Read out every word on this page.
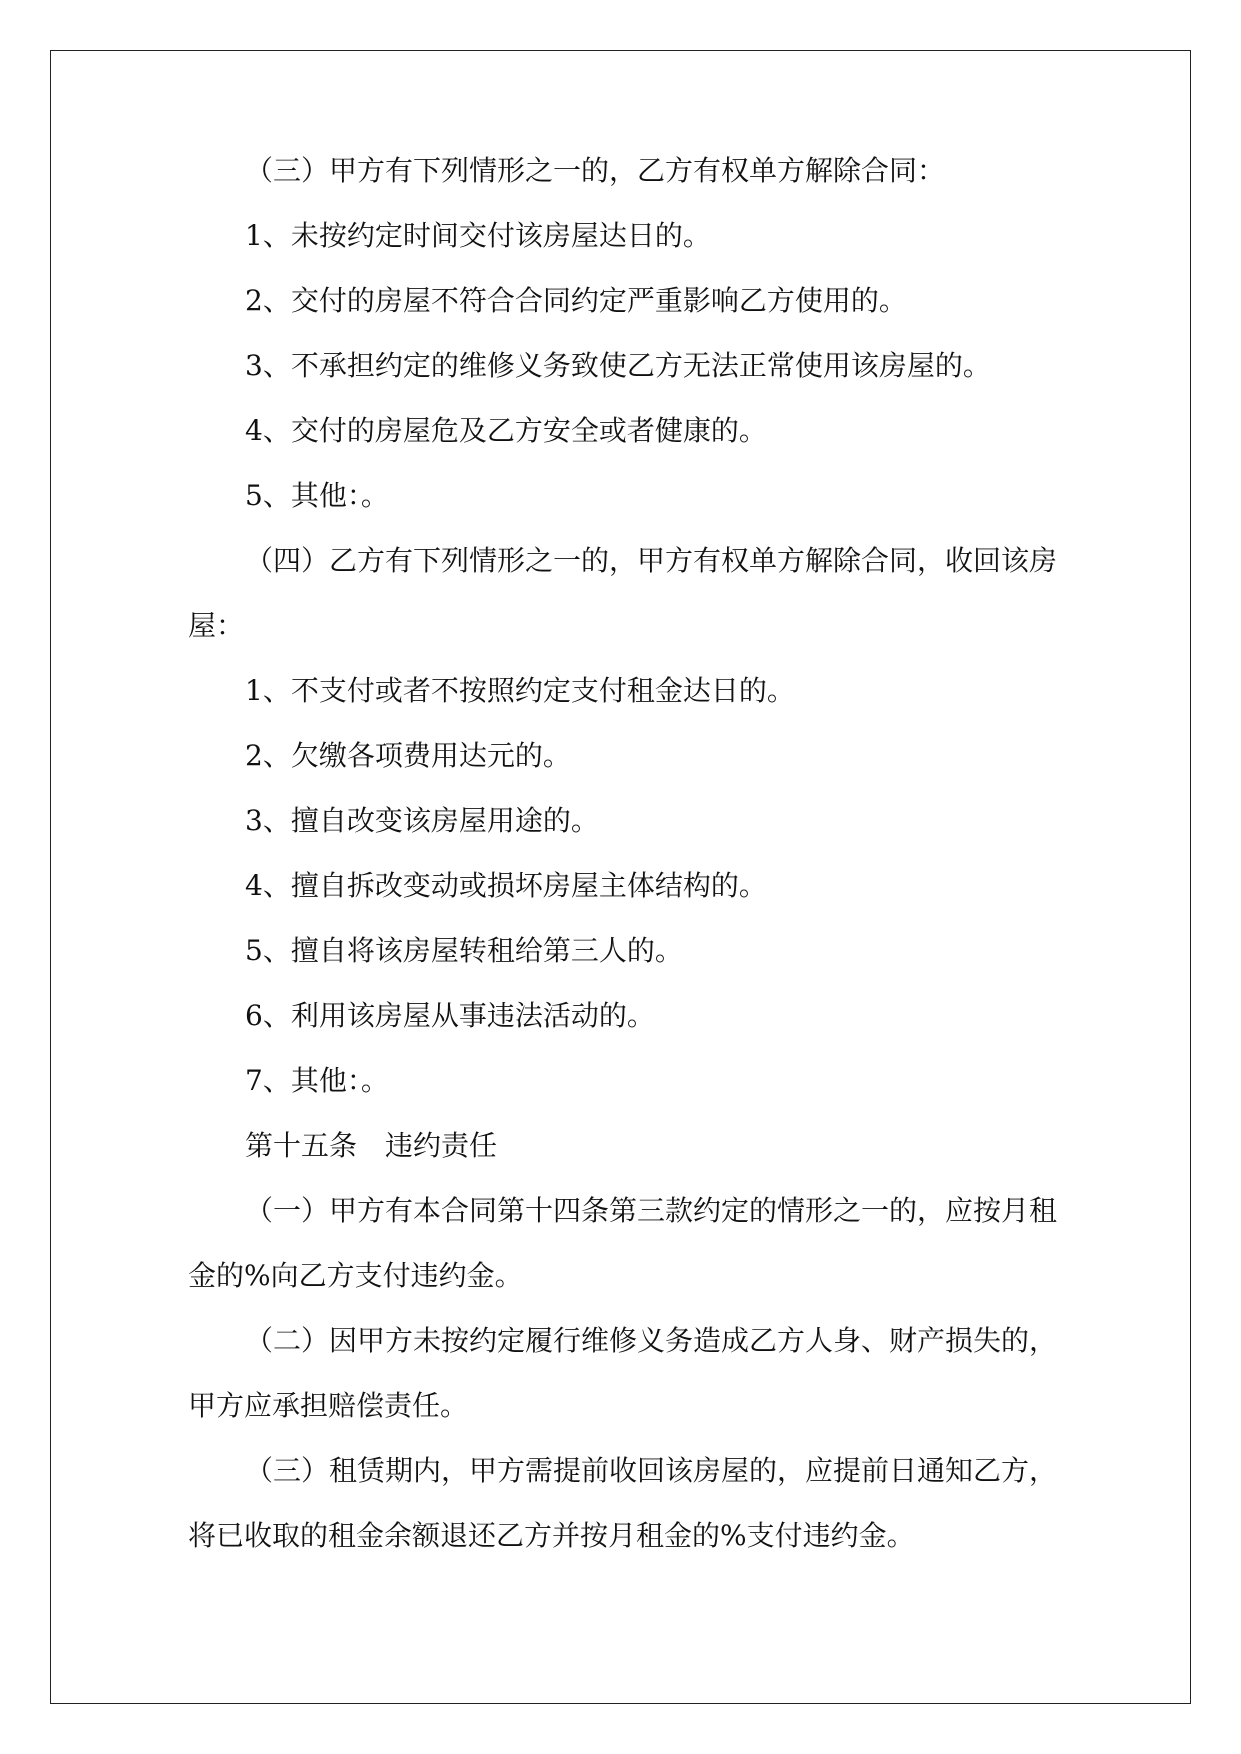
（三）甲方有下列情形之一的，乙方有权单方解除合同：
1、未按约定时间交付该房屋达日的。
2、交付的房屋不符合合同约定严重影响乙方使用的。
3、不承担约定的维修义务致使乙方无法正常使用该房屋的。
4、交付的房屋危及乙方安全或者健康的。
5、其他：。
（四）乙方有下列情形之一的，甲方有权单方解除合同，收回该房
屋：
1、不支付或者不按照约定支付租金达日的。
2、欠缴各项费用达元的。
3、擅自改变该房屋用途的。
4、擅自拆改变动或损坏房屋主体结构的。
5、擅自将该房屋转租给第三人的。
6、利用该房屋从事违法活动的。
7、其他：。
第十五条　违约责任
（一）甲方有本合同第十四条第三款约定的情形之一的，应按月租
金的%向乙方支付违约金。
（二）因甲方未按约定履行维修义务造成乙方人身、财产损失的，
甲方应承担赔偿责任。
（三）租赁期内，甲方需提前收回该房屋的，应提前日通知乙方，
将已收取的租金余额退还乙方并按月租金的%支付违约金。
